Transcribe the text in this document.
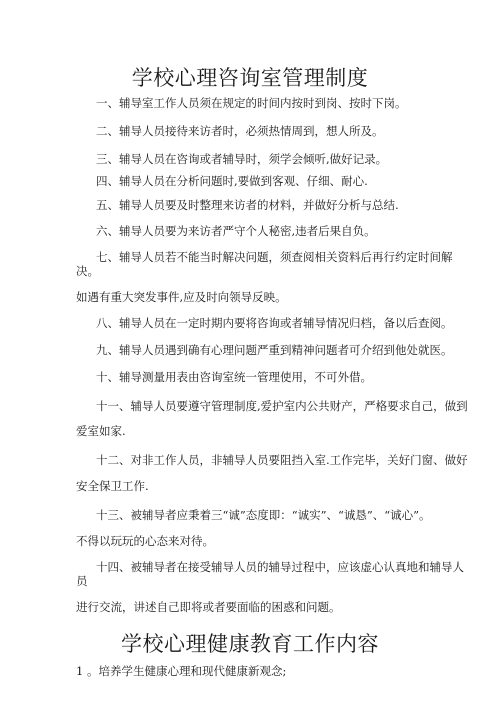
学校心理咨询室管理制度
一、辅导室工作人员须在规定的时间内按时到岗、按时下岗。
二、辅导人员接待来访者时，必须热情周到，想人所及。
三、辅导人员在咨询或者辅导时，须学会倾听,做好记录。
四、辅导人员在分析问题时,要做到客观、仔细、耐心.
五、辅导人员要及时整理来访者的材料，并做好分析与总结.
六、辅导人员要为来访者严守个人秘密,违者后果自负。
七、辅导人员若不能当时解决问题，须查阅相关资料后再行约定时间解
决。
如遇有重大突发事件,应及时向领导反映。
八、辅导人员在一定时期内要将咨询或者辅导情况归档，备以后查阅。
九、辅导人员遇到确有心理问题严重到精神问题者可介绍到他处就医。
十、辅导测量用表由咨询室统一管理使用，不可外借。
十一、辅导人员要遵守管理制度,爱护室内公共财产，严格要求自己，做到
爱室如家.
十二、对非工作人员，非辅导人员要阻挡入室.工作完毕，关好门窗、做好
安全保卫工作.
十三、被辅导者应秉着三“诚”态度即：“诚实”、“诚恳”、“诚心”。
不得以玩玩的心态来对待。
十四、被辅导者在接受辅导人员的辅导过程中，应该虚心认真地和辅导人
员
进行交流，讲述自己即将或者要面临的困惑和问题。
学校心理健康教育工作内容
1 。培养学生健康心理和现代健康新观念;
